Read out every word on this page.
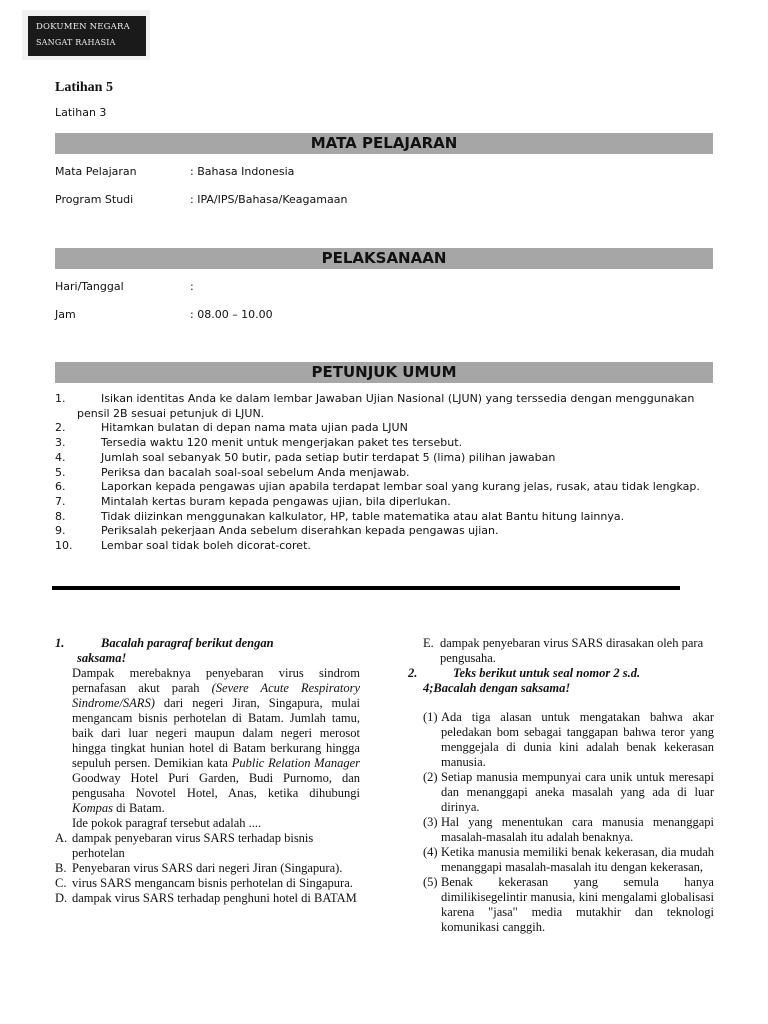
DOKUMEN NEGARA
SANGAT RAHASIA
Latihan 5
Latihan 3
MATA PELAJARAN
Mata Pelajaran	: Bahasa Indonesia
Program Studi	: IPA/IPS/Bahasa/Keagamaan
PELAKSANAAN
Hari/Tanggal	:
Jam	: 08.00 – 10.00
PETUNJUK UMUM
1.	Isikan identitas Anda ke dalam lembar Jawaban Ujian Nasional (LJUN) yang terssedia dengan menggunakan
pensil 2B sesuai petunjuk di LJUN.
2.	Hitamkan bulatan di depan nama mata ujian pada LJUN
3.	Tersedia waktu 120 menit untuk mengerjakan paket tes tersebut.
4.	Jumlah soal sebanyak 50 butir, pada setiap butir terdapat 5 (lima) pilihan jawaban
5.	Periksa dan bacalah soal-soal sebelum Anda menjawab.
6.	Laporkan kepada pengawas ujian apabila terdapat lembar soal yang kurang jelas, rusak, atau tidak lengkap.
7.	Mintalah kertas buram kepada pengawas ujian, bila diperlukan.
8.	Tidak diizinkan menggunakan kalkulator, HP, table matematika atau alat Bantu hitung lainnya.
9.	Periksalah pekerjaan Anda sebelum diserahkan kepada pengawas ujian.
10.	Lembar soal tidak boleh dicorat-coret.
1.	Bacalah paragraf berikut dengan
saksama!
Dampak merebaknya penyebaran virus sindrom pernafasan akut parah (Severe Acute Respiratory Sindrome/SARS) dari negeri Jiran, Singapura, mulai mengancam bisnis perhotelan di Batam. Jumlah tamu, baik dari luar negeri maupun dalam negeri merosot hingga tingkat hunian hotel di Batam berkurang hingga sepuluh persen. Demikian kata Public Relation Manager Goodway Hotel Puri Garden, Budi Purnomo, dan pengusaha Novotel Hotel, Anas, ketika dihubungi Kompas di Batam.
Ide pokok paragraf tersebut adalah ....
A. dampak penyebaran virus SARS terhadap bisnis perhotelan
B. Penyebaran virus SARS dari negeri Jiran (Singapura).
C. virus SARS mengancam bisnis perhotelan di Singapura.
D. dampak virus SARS terhadap penghuni hotel di BATAM
E. dampak penyebaran virus SARS dirasakan oleh para pengusaha.
2.	Teks berikut untuk seal nomor 2 s.d.
4;Bacalah dengan saksama!
(1) Ada tiga alasan untuk mengatakan bahwa akar peledakan bom sebagai tanggapan bahwa teror yang menggejala di dunia kini adalah benak kekerasan manusia.
(2) Setiap manusia mempunyai cara unik untuk meresapi dan menanggapi aneka masalah yang ada di luar dirinya.
(3) Hal yang menentukan cara manusia menanggapi masalah-masalah itu adalah benaknya.
(4) Ketika manusia memiliki benak kekerasan, dia mudah menanggapi masalah-masalah itu dengan kekerasan,
(5) Benak kekerasan yang semula hanya dimilikisegelintir manusia, kini mengalami globalisasi karena "jasa" media mutakhir dan teknologi komunikasi canggih.
